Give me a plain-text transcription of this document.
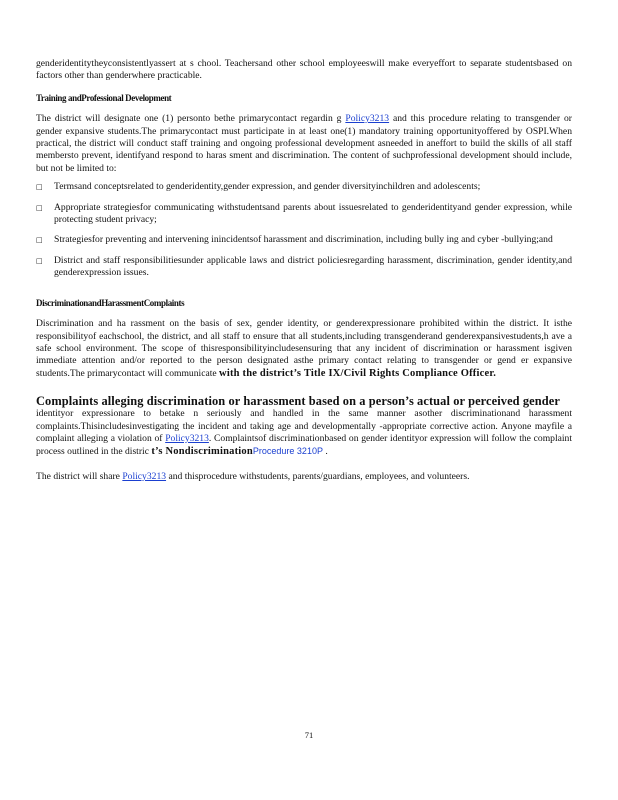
genderidentitytheyconsistentlyassert at s chool. Teachersand other school employeeswill make everyeffort to separate studentsbased on factors other than genderwhere practicable.

Training andProfessional Development

The district will designate one (1) personto bethe primarycontact regardin g Policy3213 and this procedure relating to transgender or gender expansive students.The primarycontact must participate in at least one(1) mandatory training opportunityoffered by OSPI.When practical, the district will conduct staff training and ongoing professional development asneeded in aneffort to build the skills of all staff membersto prevent, identifyand respond to haras sment and discrimination. The content of suchprofessional development should include, but not be limited to:

□ Termsand conceptsrelated to genderidentity,gender expression, and gender diversityinchildren and adolescents;
□ Appropriate strategiesfor communicating withstudentsand parents about issuesrelated to genderidentityand gender expression, while protecting student privacy;
□ Strategiesfor preventing and intervening inincidentsof harassment and discrimination, including bully ing and cyber -bullying;and
□ District and staff responsibilitiesunder applicable laws and district policiesregarding harassment, discrimination, gender identity,and genderexpression issues.

DiscriminationandHarassmentComplaints

Discrimination and ha rassment on the basis of sex, gender identity, or genderexpressionare prohibited within the district. It isthe responsibilityof eachschool, the district, and all staff to ensure that all students,including transgenderand genderexpansivestudents,h ave a safe school environment. The scope of thisresponsibilityincludesensuring that any incident of discrimination or harassment isgiven immediate attention and/or reported to the person designated asthe primary contact relating to transgender or gend er expansive students.The primarycontact will communicate with the district’s Title IX/Civil Rights Compliance Officer.

Complaints alleging discrimination or harassment based on a person’s actual or perceived gender

identityor expressionare to betake n seriously and handled in the same manner asother discriminationand harassment complaints.Thisincludesinvestigating the incident and taking age and developmentally -appropriate corrective action. Anyone mayfile a complaint alleging a violation of Policy3213. Complaintsof discriminationbased on gender identityor expression will follow the complaint process outlined in the distric t’s NondiscriminationProcedure 3210P .

The district will share Policy3213 and thisprocedure withstudents, parents/guardians, employees, and volunteers.

71
